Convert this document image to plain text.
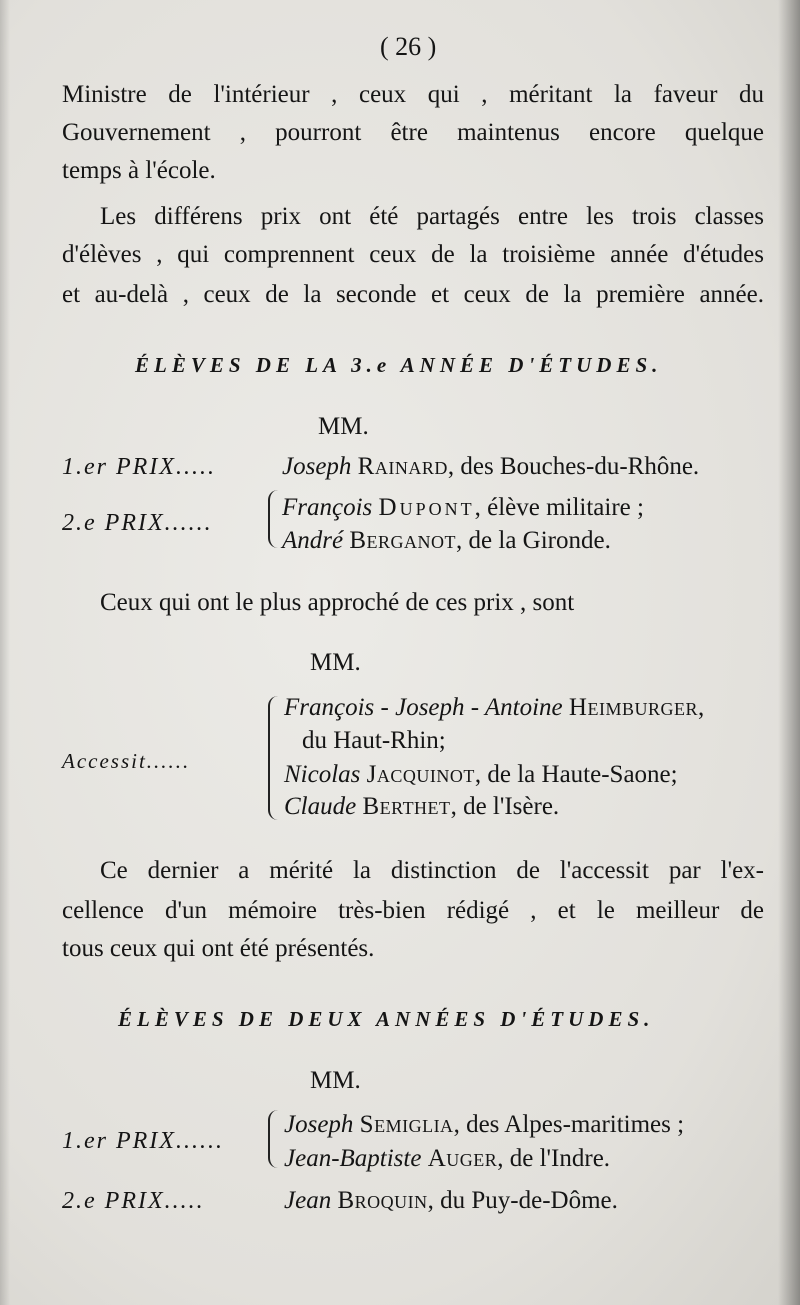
( 26 )
Ministre de l'intérieur , ceux qui , méritant la faveur du
Gouvernement , pourront être maintenus encore quelque
temps à l'école.
Les différens prix ont été partagés entre les trois classes
d'élèves , qui comprennent ceux de la troisième année d'études
et au-delà , ceux de la seconde et ceux de la première année.
ÉLÈVES DE LA 3.e ANNÉE D'ÉTUDES.
MM.
1.er PRIX.....	Joseph Rainard, des Bouches-du-Rhône.
2.e PRIX......
François Dupont, élève militaire ;
André Berganot, de la Gironde.
Ceux qui ont le plus approché de ces prix , sont
MM.
Accessit......
François - Joseph - Antoine Heimburger,
du Haut-Rhin;
Nicolas Jacquinot, de la Haute-Saone;
Claude Berthet, de l'Isère.
Ce dernier a mérité la distinction de l'accessit par l'ex-
cellence d'un mémoire très-bien rédigé , et le meilleur de
tous ceux qui ont été présentés.
ÉLÈVES DE DEUX ANNÉES D'ÉTUDES.
MM.
1.er PRIX......
Joseph Semiglia, des Alpes-maritimes ;
Jean-Baptiste Auger, de l'Indre.
2.e PRIX.....	Jean Broquin, du Puy-de-Dôme.
